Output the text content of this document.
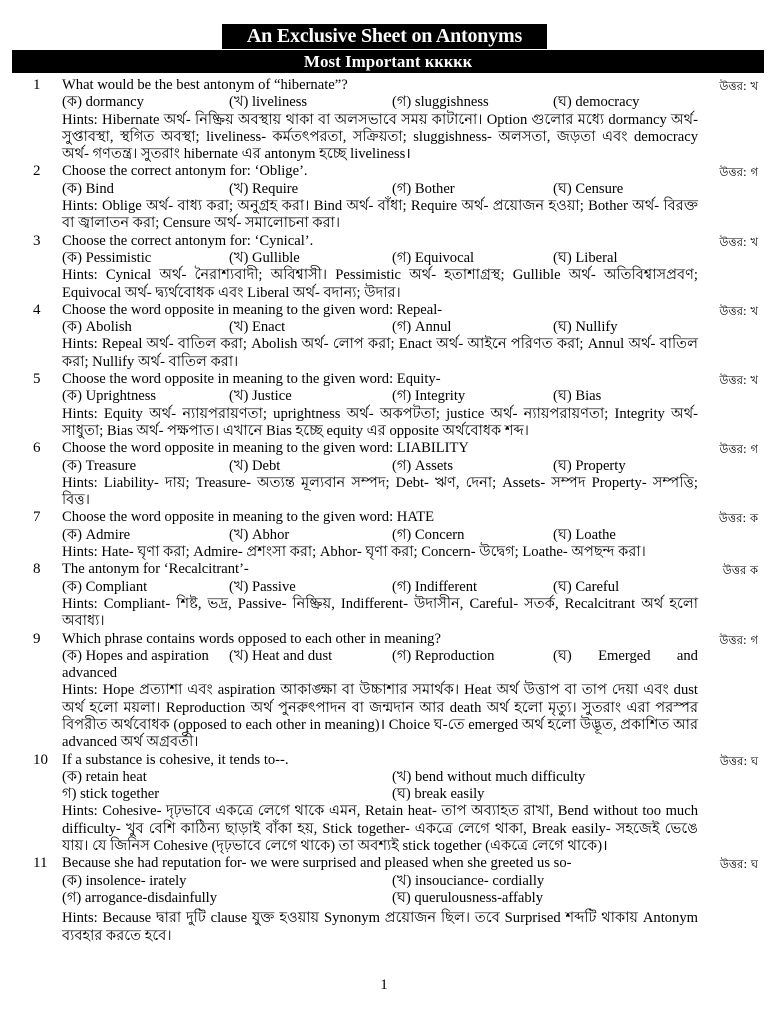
An Exclusive Sheet on Antonyms
Most Important ĸĸĸĸĸ
1	উত্তর: খ
What would be the best antonym of “hibernate”?
(ক) dormancy	(খ) liveliness	(গ) sluggishness	(ঘ) democracy
Hints: Hibernate অর্থ- নিষ্ক্রিয় অবস্থায় থাকা বা অলসভাবে সময় কাটানো। Option গুলোর মধ্যে dormancy অর্থ- সুপ্তাবস্থা, স্থগিত অবস্থা; liveliness- কর্মতৎপরতা, সক্রিয়তা; sluggishness- অলসতা, জড়তা এবং democracy অর্থ- গণতন্ত্র। সুতরাং hibernate এর antonym হচ্ছে liveliness।
2	উত্তর: গ
Choose the correct antonym for: ‘Oblige’.
(ক) Bind	(খ) Require	(গ) Bother	(ঘ) Censure
Hints: Oblige অর্থ- বাধ্য করা; অনুগ্রহ করা। Bind অর্থ- বাঁধা; Require অর্থ- প্রয়োজন হওয়া; Bother অর্থ- বিরক্ত বা জ্বালাতন করা; Censure অর্থ- সমালোচনা করা।
3	উত্তর: খ
Choose the correct antonym for: ‘Cynical’.
(ক) Pessimistic	(খ) Gullible	(গ) Equivocal	(ঘ) Liberal
Hints: Cynical অর্থ- নৈরাশ্যবাদী; অবিশ্বাসী। Pessimistic অর্থ- হতাশাগ্রস্থ; Gullible অর্থ- অতিবিশ্বাসপ্রবণ; Equivocal অর্থ- দ্ব্যর্থবোধক এবং Liberal অর্থ- বদান্য; উদার।
4	উত্তর: খ
Choose the word opposite in meaning to the given word: Repeal-
(ক) Abolish	(খ) Enact	(গ) Annul	(ঘ) Nullify
Hints: Repeal অর্থ- বাতিল করা; Abolish অর্থ- লোপ করা; Enact অর্থ- আইনে পরিণত করা; Annul অর্থ- বাতিল করা; Nullify অর্থ- বাতিল করা।
5	উত্তর: খ
Choose the word opposite in meaning to the given word: Equity-
(ক) Uprightness	(খ) Justice	(গ) Integrity	(ঘ) Bias
Hints: Equity অর্থ- ন্যায়পরায়ণতা; uprightness অর্থ- অকপটতা; justice অর্থ- ন্যায়পরায়ণতা; Integrity অর্থ- সাধুতা; Bias অর্থ- পক্ষপাত। এখানে Bias হচ্ছে equity এর opposite অর্থবোধক শব্দ।
6	উত্তর: গ
Choose the word opposite in meaning to the given word: LIABILITY
(ক) Treasure	(খ) Debt	(গ) Assets	(ঘ) Property
Hints: Liability- দায়; Treasure- অত্যন্ত মূল্যবান সম্পদ; Debt- ঋণ, দেনা; Assets- সম্পদ Property- সম্পত্তি; বিত্ত।
7	উত্তর: ক
Choose the word opposite in meaning to the given word: HATE
(ক) Admire	(খ) Abhor	(গ) Concern	(ঘ) Loathe
Hints: Hate- ঘৃণা করা; Admire- প্রশংসা করা; Abhor- ঘৃণা করা; Concern- উদ্বেগ; Loathe- অপছন্দ করা।
8	উত্তর ক
The antonym for ‘Recalcitrant’-
(ক) Compliant	(খ) Passive	(গ) Indifferent	(ঘ) Careful
Hints: Compliant- শিষ্ট, ভদ্র, Passive- নিষ্ক্রিয়, Indifferent- উদাসীন, Careful- সতর্ক, Recalcitrant অর্থ হলো অবাধ্য।
9	উত্তর: গ
Which phrase contains words opposed to each other in meaning?
(ক) Hopes and aspiration (খ) Heat and dust	(গ) Reproduction	(ঘ) Emerged and
advanced
Hints: Hope প্রত্যাশা এবং aspiration আকাঙ্ক্ষা বা উচ্চাশার সমার্থক। Heat অর্থ উত্তাপ বা তাপ দেয়া এবং dust অর্থ হলো ময়লা। Reproduction অর্থ পুনরুৎপাদন বা জন্মদান আর death অর্থ হলো মৃত্যু। সুতরাং এরা পরস্পর বিপরীত অর্থবোধক (opposed to each other in meaning)। Choice ঘ-তে emerged অর্থ হলো উদ্ভূত, প্রকাশিত আর advanced অর্থ অগ্রবর্তী।
10	উত্তর: ঘ
If a substance is cohesive, it tends to--.
(ক) retain heat	(খ) bend without much difficulty
গ) stick together	(ঘ) break easily
Hints: Cohesive- দৃঢ়ভাবে একত্রে লেগে থাকে এমন, Retain heat- তাপ অব্যাহত রাখা, Bend without too much difficulty- খুব বেশি কাঠিন্য ছাড়াই বাঁকা হয়, Stick together- একত্রে লেগে থাকা, Break easily- সহজেই ভেঙে যায়। যে জিনিস Cohesive (দৃঢ়ভাবে লেগে থাকে) তা অবশ্যই stick together (একত্রে লেগে থাকে)।
11	উত্তর: ঘ
Because she had reputation for- we were surprised and pleased when she greeted us so-
(ক) insolence- irately	(খ) insouciance- cordially
(গ) arrogance-disdainfully	(ঘ) querulousness-affably
Hints: Because দ্বারা দুটি clause যুক্ত হওয়ায় Synonym প্রয়োজন ছিল। তবে Surprised শব্দটি থাকায় Antonym ব্যবহার করতে হবে।
1
